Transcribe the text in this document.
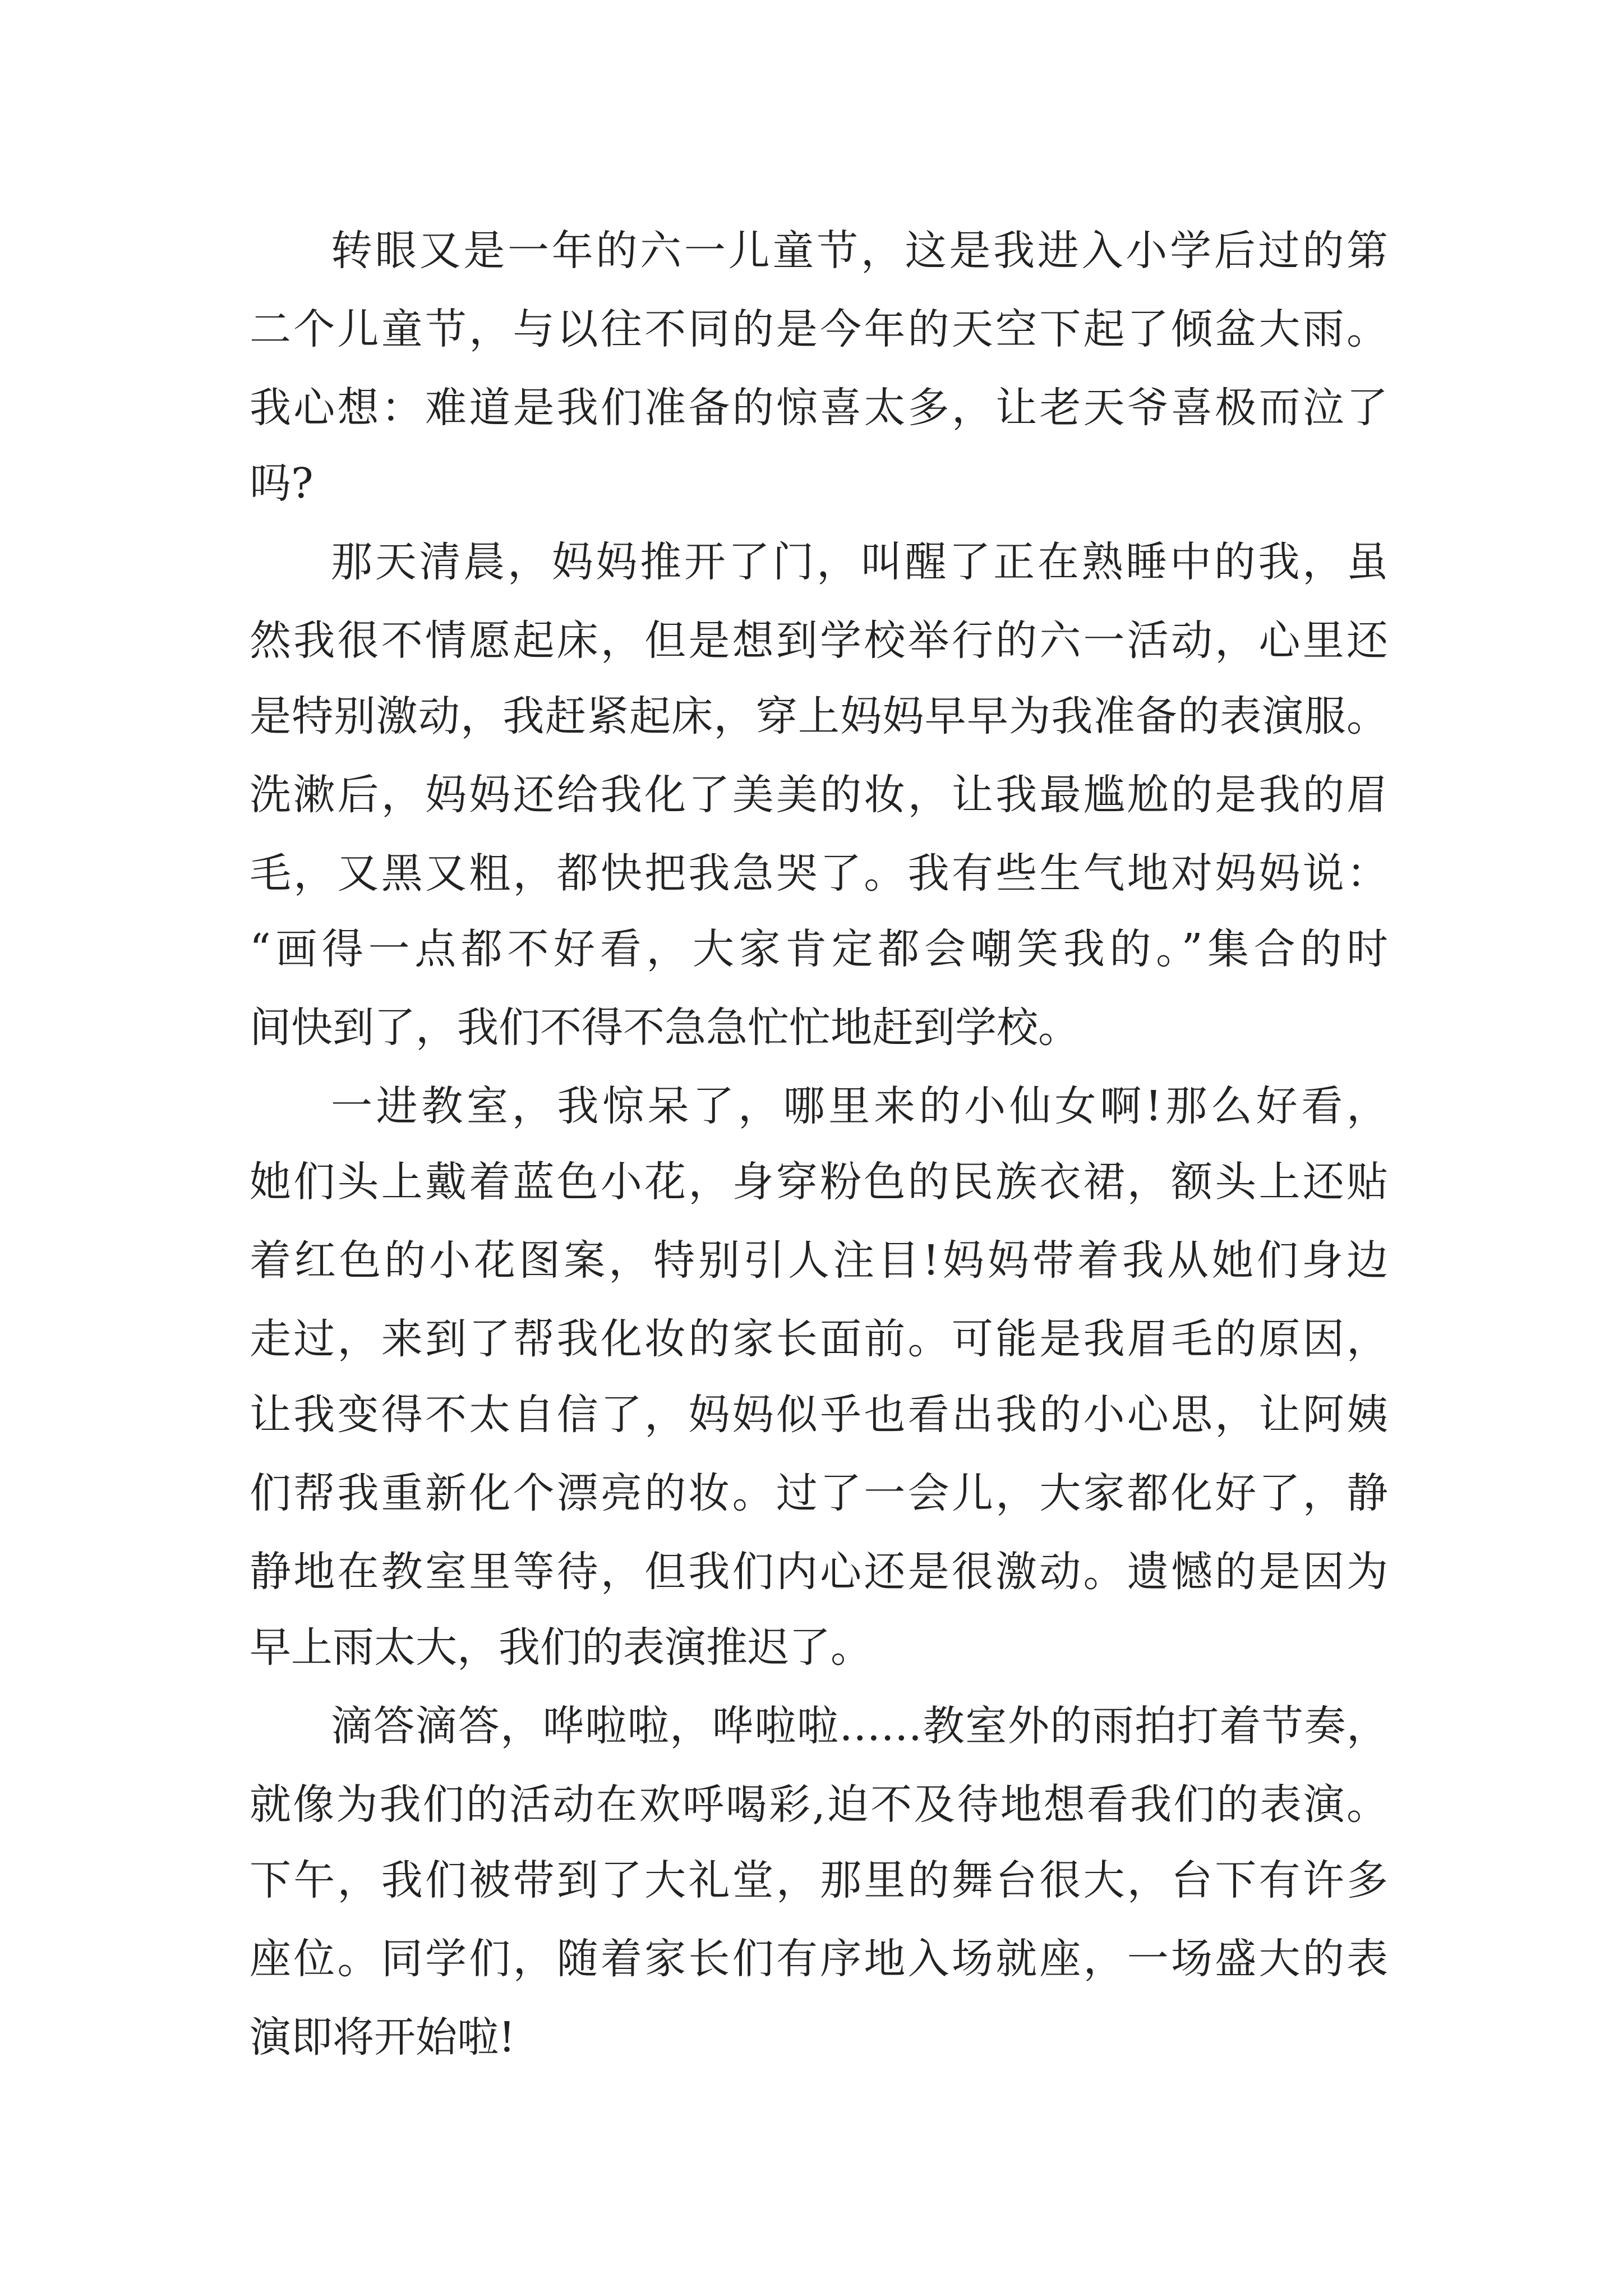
转眼又是一年的六一儿童节，这是我进入小学后过的第
二个儿童节，与以往不同的是今年的天空下起了倾盆大雨。
我心想：难道是我们准备的惊喜太多，让老天爷喜极而泣了
吗?
那天清晨，妈妈推开了门，叫醒了正在熟睡中的我，虽
然我很不情愿起床，但是想到学校举行的六一活动，心里还
是特别激动，我赶紧起床，穿上妈妈早早为我准备的表演服。
洗漱后，妈妈还给我化了美美的妆，让我最尴尬的是我的眉
毛，又黑又粗，都快把我急哭了。我有些生气地对妈妈说：
“画得一点都不好看，大家肯定都会嘲笑我的。”集合的时
间快到了，我们不得不急急忙忙地赶到学校。
一进教室，我惊呆了，哪里来的小仙女啊!那么好看，
她们头上戴着蓝色小花，身穿粉色的民族衣裙，额头上还贴
着红色的小花图案，特别引人注目!妈妈带着我从她们身边
走过，来到了帮我化妆的家长面前。可能是我眉毛的原因，
让我变得不太自信了，妈妈似乎也看出我的小心思，让阿姨
们帮我重新化个漂亮的妆。过了一会儿，大家都化好了，静
静地在教室里等待，但我们内心还是很激动。遗憾的是因为
早上雨太大，我们的表演推迟了。
滴答滴答，哗啦啦，哗啦啦……教室外的雨拍打着节奏，
就像为我们的活动在欢呼喝彩,迫不及待地想看我们的表演。
下午，我们被带到了大礼堂，那里的舞台很大，台下有许多
座位。同学们，随着家长们有序地入场就座，一场盛大的表
演即将开始啦!
